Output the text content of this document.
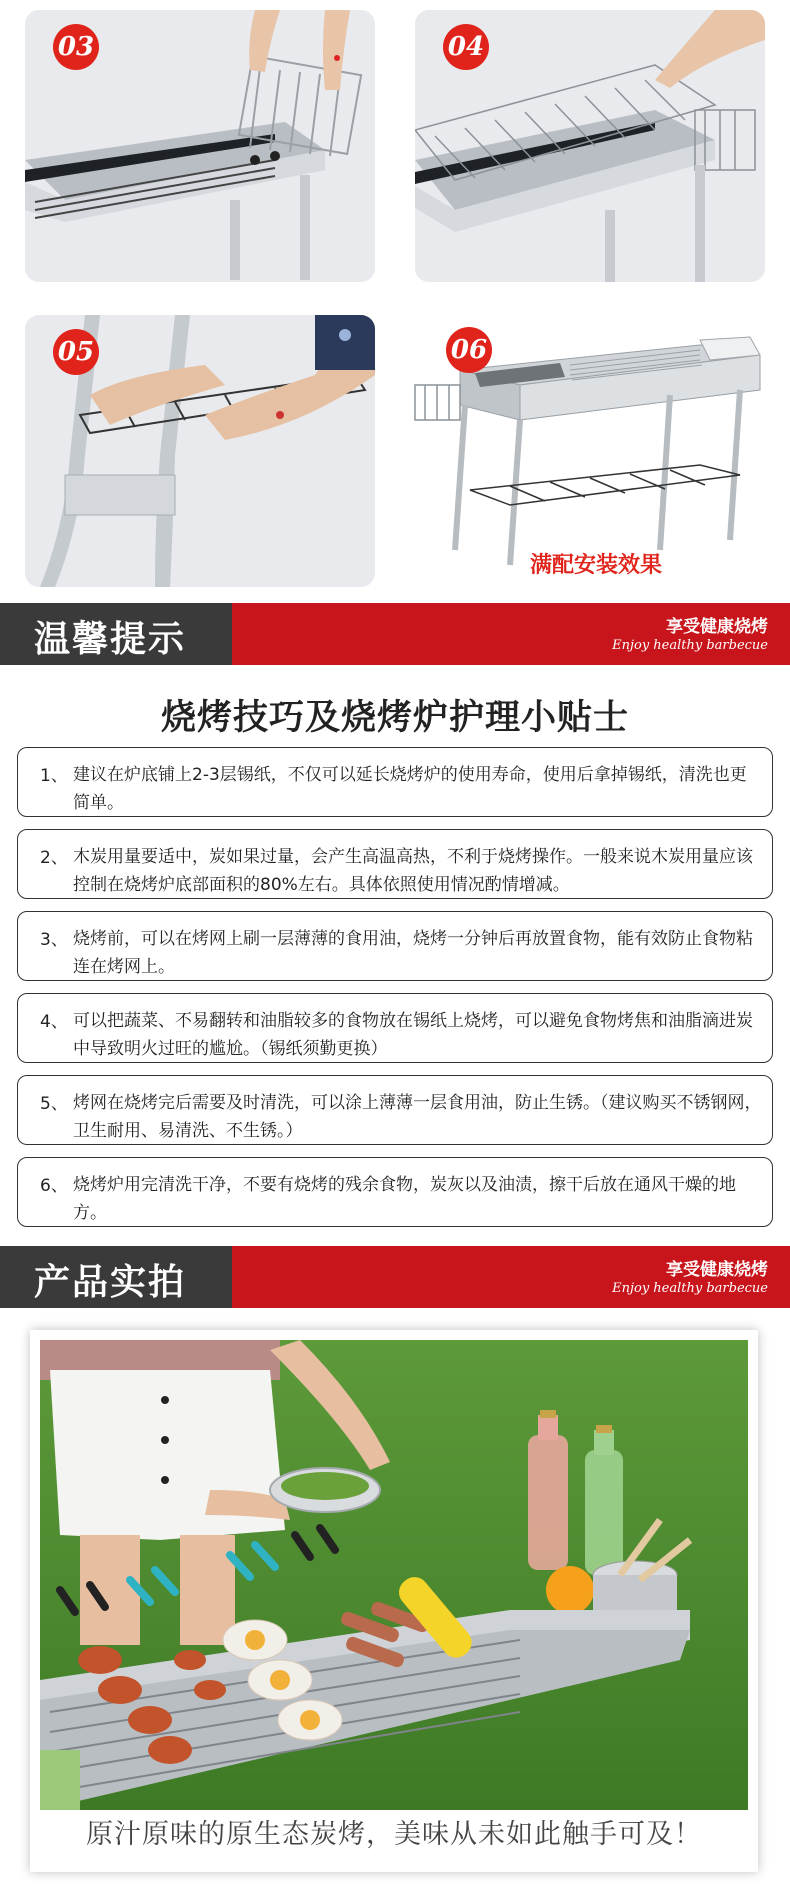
03	04
05	06
满配安装效果
温馨提示	享受健康烧烤
Enjoy healthy barbecue
烧烤技巧及烧烤炉护理小贴士
1、 建议在炉底铺上2-3层锡纸，不仅可以延长烧烤炉的使用寿命，使用后拿掉锡纸，清洗也更简单。
2、 木炭用量要适中，炭如果过量，会产生高温高热，不利于烧烤操作。一般来说木炭用量应该控制在烧烤炉底部面积的80%左右。具体依照使用情况酌情增减。
3、 烧烤前，可以在烤网上刷一层薄薄的食用油，烧烤一分钟后再放置食物，能有效防止食物粘连在烤网上。
4、 可以把蔬菜、不易翻转和油脂较多的食物放在锡纸上烧烤，可以避免食物烤焦和油脂滴进炭中导致明火过旺的尴尬。（锡纸须勤更换）
5、 烤网在烧烤完后需要及时清洗，可以涂上薄薄一层食用油，防止生锈。（建议购买不锈钢网，卫生耐用、易清洗、不生锈。）
6、 烧烤炉用完清洗干净，不要有烧烤的残余食物，炭灰以及油渍，擦干后放在通风干燥的地方。
产品实拍	享受健康烧烤
Enjoy healthy barbecue
原汁原味的原生态炭烤，美味从未如此触手可及！
